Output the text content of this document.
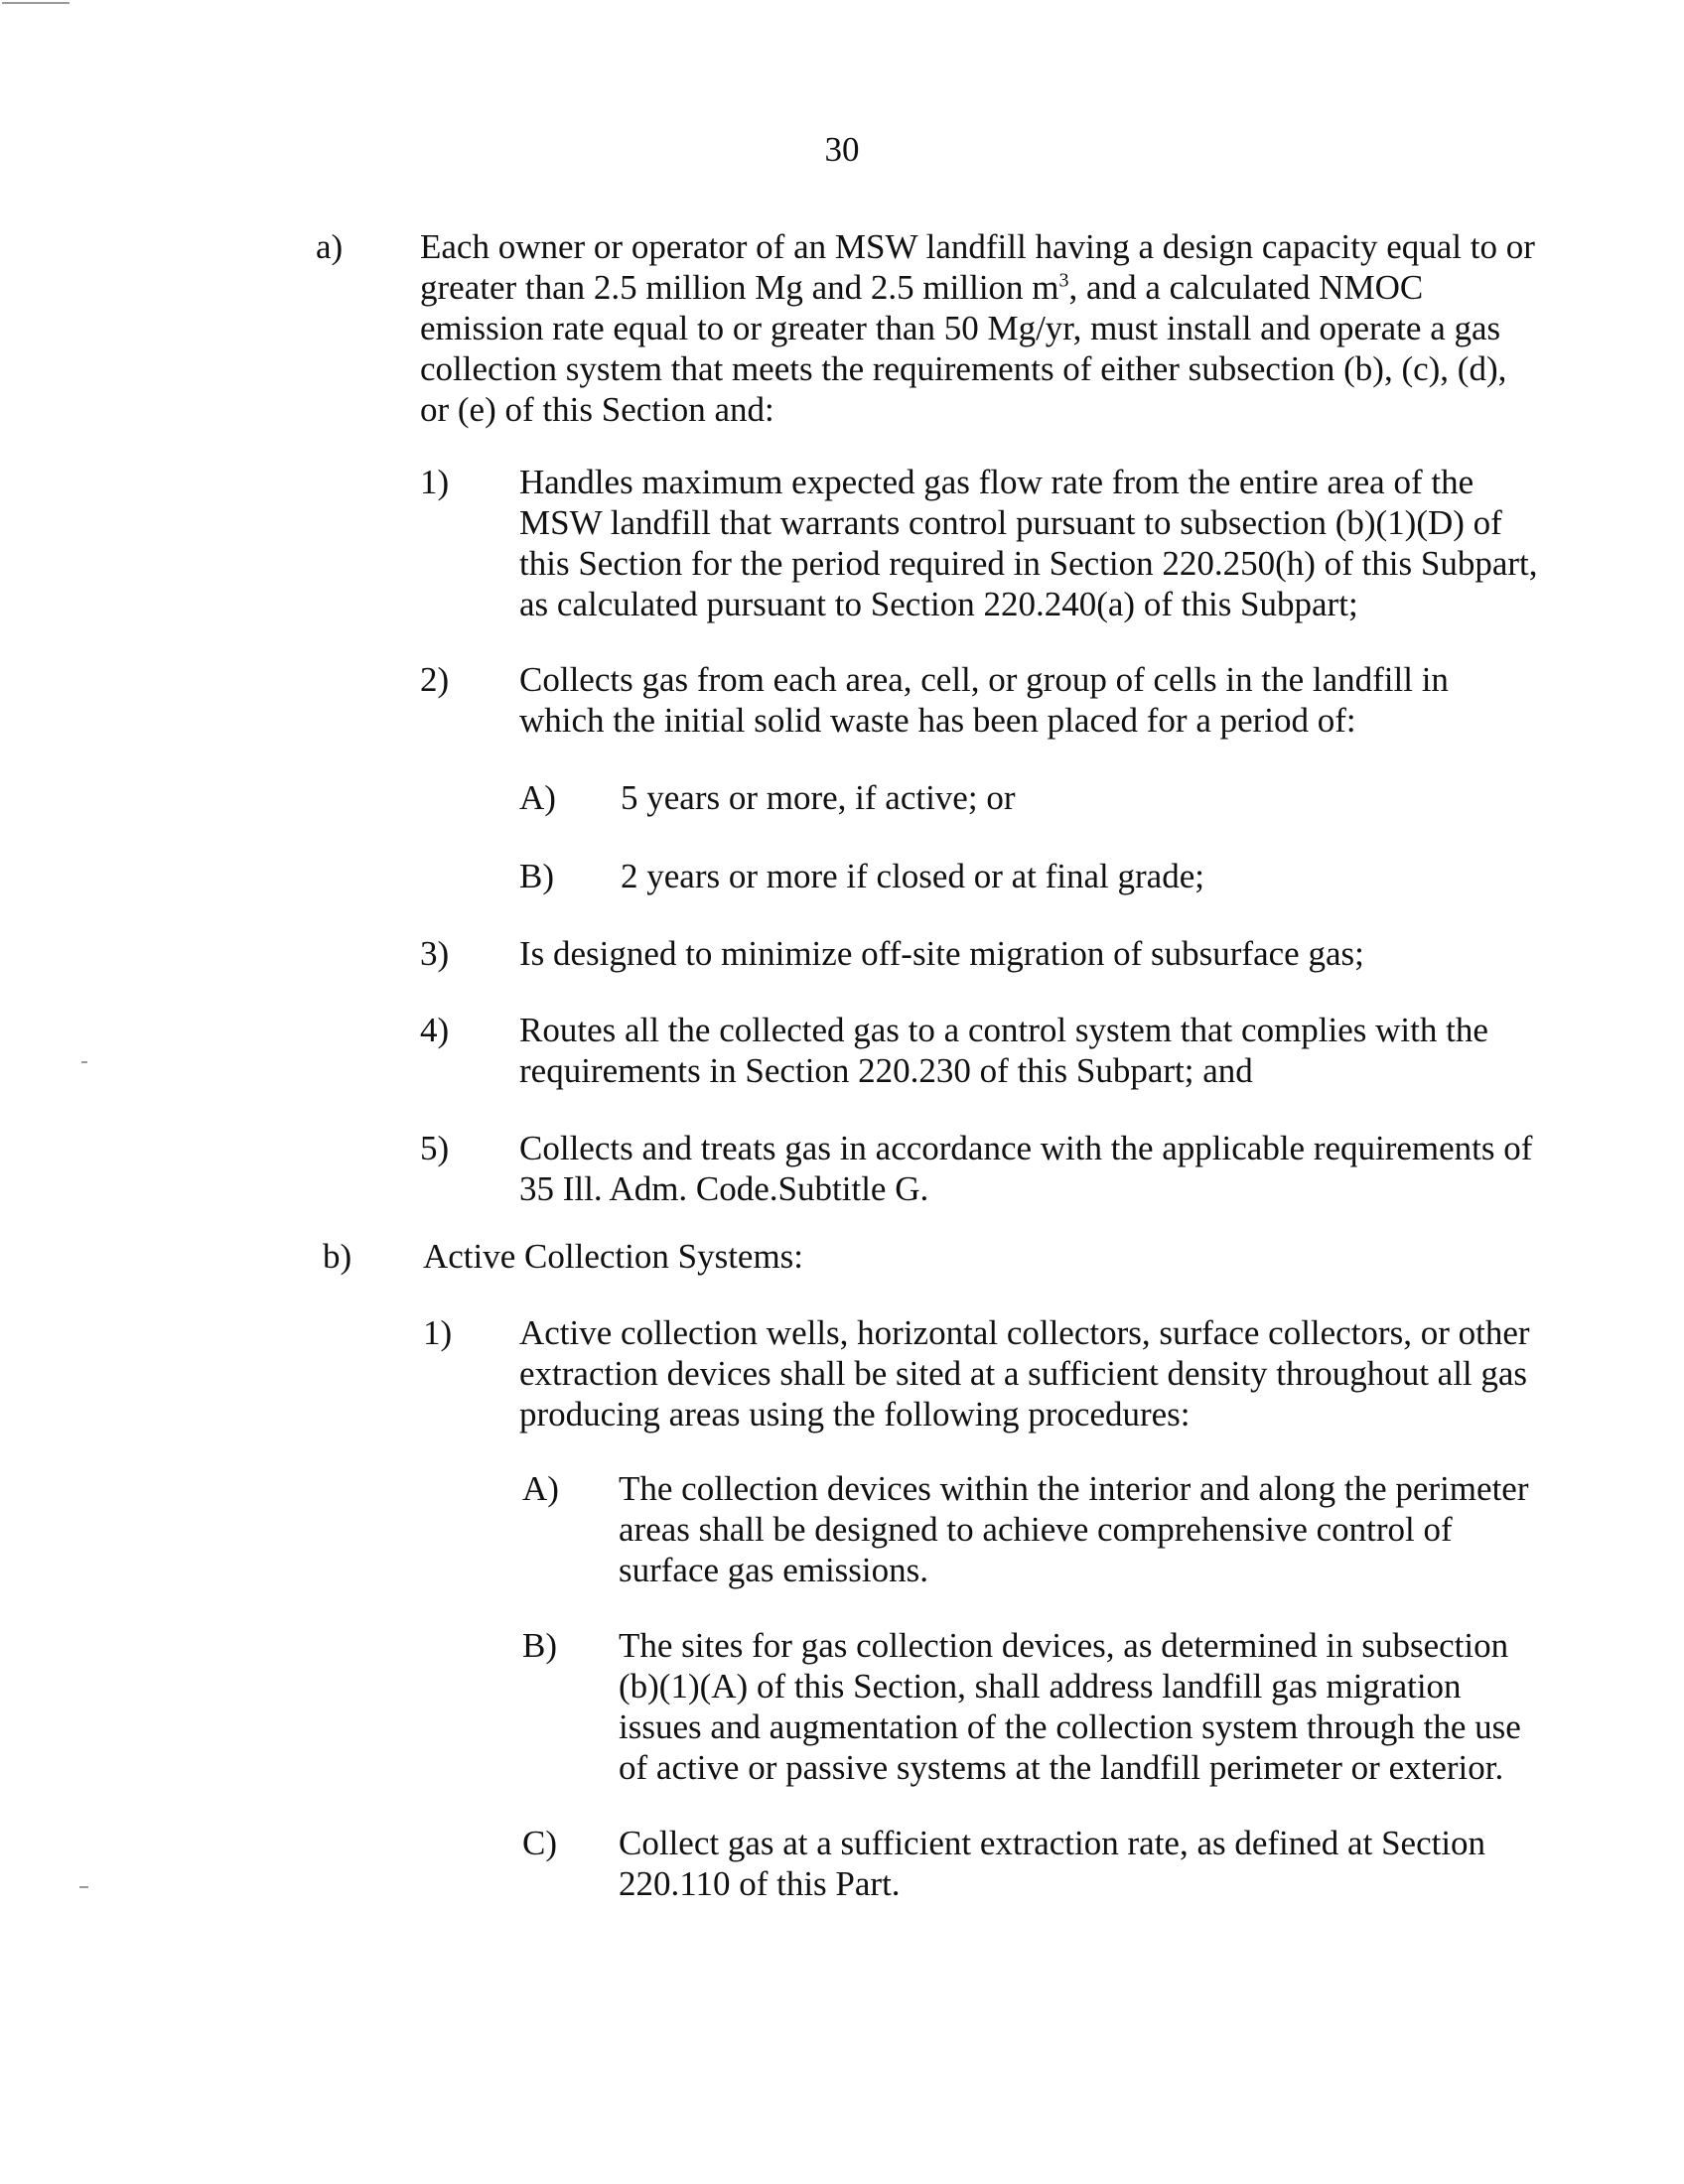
30
a) Each owner or operator of an MSW landfill having a design capacity equal to or
greater than 2.5 million Mg and 2.5 million $m^3$, and a calculated NMOC
emission rate equal to or greater than 50 Mg/yr, must install and operate a gas
collection system that meets the requirements of either subsection (b), (c), (d),
or (e) of this Section and:
1) Handles maximum expected gas flow rate from the entire area of the
MSW landfill that warrants control pursuant to subsection (b)(1)(D) of
this Section for the period required in Section 220.250(h) of this Subpart,
as calculated pursuant to Section 220.240(a) of this Subpart;
2) Collects gas from each area, cell, or group of cells in the landfill in
which the initial solid waste has been placed for a period of:
A) 5 years or more, if active; or
B) 2 years or more if closed or at final grade;
3) Is designed to minimize off-site migration of subsurface gas;
4) Routes all the collected gas to a control system that complies with the
requirements in Section 220.230 of this Subpart; and
5) Collects and treats gas in accordance with the applicable requirements of
35 Ill. Adm. Code.Subtitle G.
b) Active Collection Systems:
1) Active collection wells, horizontal collectors, surface collectors, or other
extraction devices shall be sited at a sufficient density throughout all gas
producing areas using the following procedures:
A) The collection devices within the interior and along the perimeter
areas shall be designed to achieve comprehensive control of
surface gas emissions.
B) The sites for gas collection devices, as determined in subsection
(b)(1)(A) of this Section, shall address landfill gas migration
issues and augmentation of the collection system through the use
of active or passive systems at the landfill perimeter or exterior.
C) Collect gas at a sufficient extraction rate, as defined at Section
220.110 of this Part.
